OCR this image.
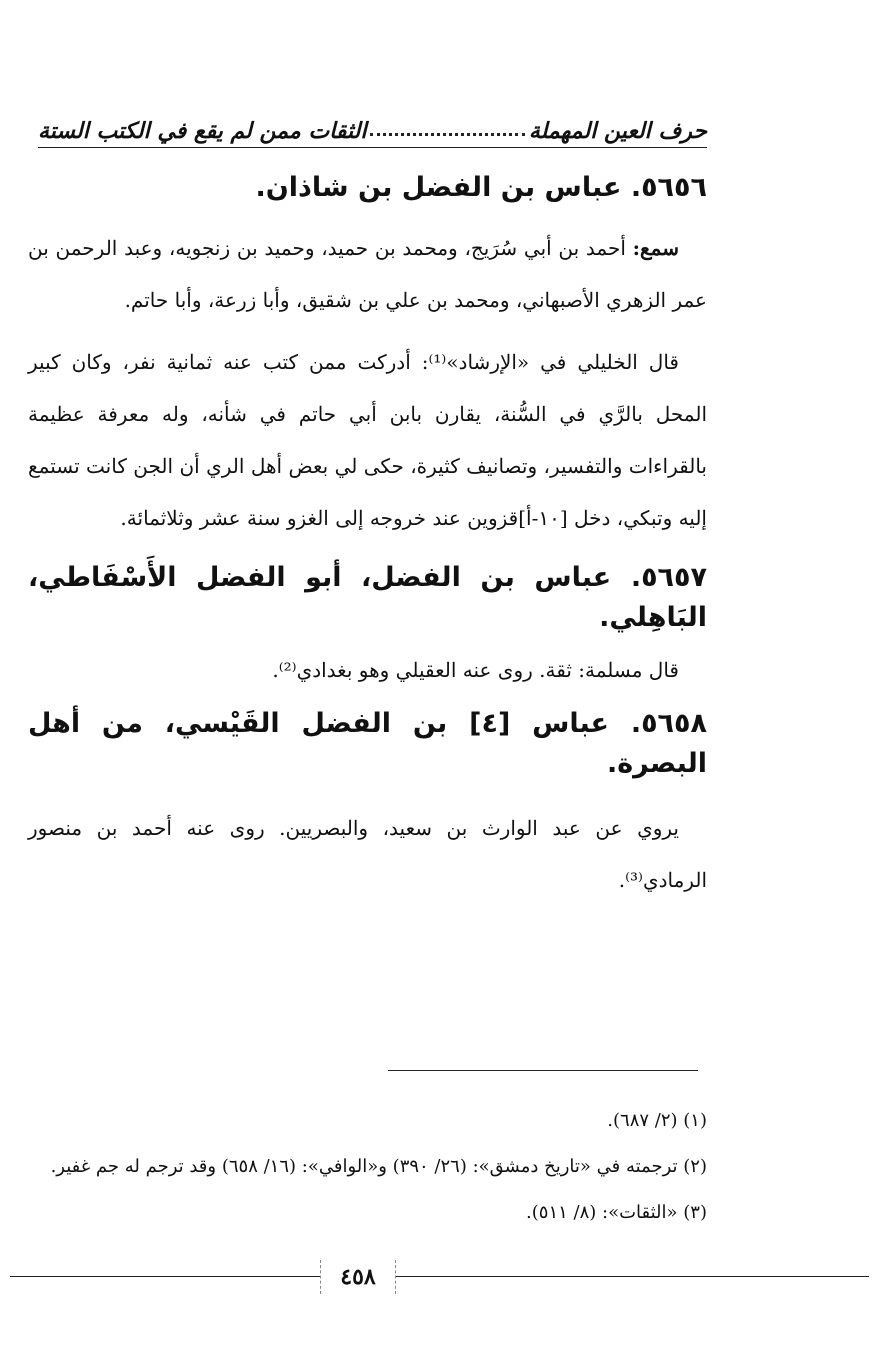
حرف العين المهملة
الثقات ممن لم يقع في الكتب الستة
٥٦٥٦. عباس بن الفضل بن شاذان.

سمع: أحمد بن أبي سُرَيج، ومحمد بن حميد، وحميد بن زنجويه، وعبد الرحمن بن عمر الزهري الأصبهاني، ومحمد بن علي بن شقيق، وأبا زرعة، وأبا حاتم.

قال الخليلي في «الإرشاد»⁽¹⁾: أدركت ممن كتب عنه ثمانية نفر، وكان كبير المحل بالرَّي في السُّنة، يقارن بابن أبي حاتم في شأنه، وله معرفة عظيمة بالقراءات والتفسير، وتصانيف كثيرة، حكى لي بعض أهل الري أن الجن كانت تستمع إليه وتبكي، دخل [١٠-أ]قزوين عند خروجه إلى الغزو سنة عشر وثلاثمائة.

٥٦٥٧. عباس بن الفضل، أبو الفضل الأَسْفَاطي، البَاهِلي.

قال مسلمة: ثقة. روى عنه العقيلي وهو بغدادي⁽²⁾.

٥٦٥٨. عباس [٤] بن الفضل القَيْسي، من أهل البصرة.

يروي عن عبد الوارث بن سعيد، والبصريين. روى عنه أحمد بن منصور الرمادي⁽³⁾.

(١) (٢/ ٦٨٧).

(٢) ترجمته في «تاريخ دمشق»: (٢٦/ ٣٩٠) و«الوافي»: (١٦/ ٦٥٨) وقد ترجم له جم غفير.

(٣) «الثقات»: (٨/ ٥١١).

٤٥٨
